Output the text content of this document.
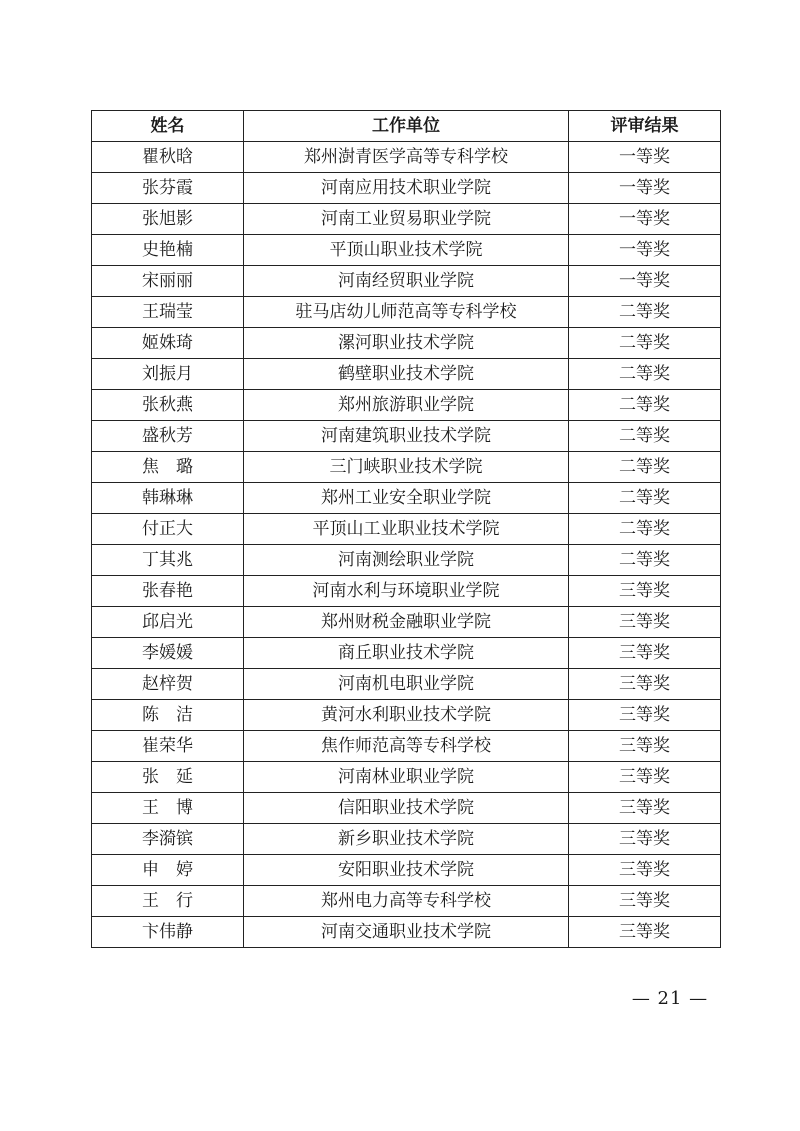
姓名	工作单位	评审结果
瞿秋晗	郑州澍青医学高等专科学校	一等奖
张芬霞	河南应用技术职业学院	一等奖
张旭影	河南工业贸易职业学院	一等奖
史艳楠	平顶山职业技术学院	一等奖
宋丽丽	河南经贸职业学院	一等奖
王瑞莹	驻马店幼儿师范高等专科学校	二等奖
姬姝琦	漯河职业技术学院	二等奖
刘振月	鹤壁职业技术学院	二等奖
张秋燕	郑州旅游职业学院	二等奖
盛秋芳	河南建筑职业技术学院	二等奖
焦　璐	三门峡职业技术学院	二等奖
韩琳琳	郑州工业安全职业学院	二等奖
付正大	平顶山工业职业技术学院	二等奖
丁其兆	河南测绘职业学院	二等奖
张春艳	河南水利与环境职业学院	三等奖
邱启光	郑州财税金融职业学院	三等奖
李媛媛	商丘职业技术学院	三等奖
赵梓贺	河南机电职业学院	三等奖
陈　洁	黄河水利职业技术学院	三等奖
崔荣华	焦作师范高等专科学校	三等奖
张　延	河南林业职业学院	三等奖
王　博	信阳职业技术学院	三等奖
李漪镔	新乡职业技术学院	三等奖
申　婷	安阳职业技术学院	三等奖
王　行	郑州电力高等专科学校	三等奖
卞伟静	河南交通职业技术学院	三等奖
— 21 —
